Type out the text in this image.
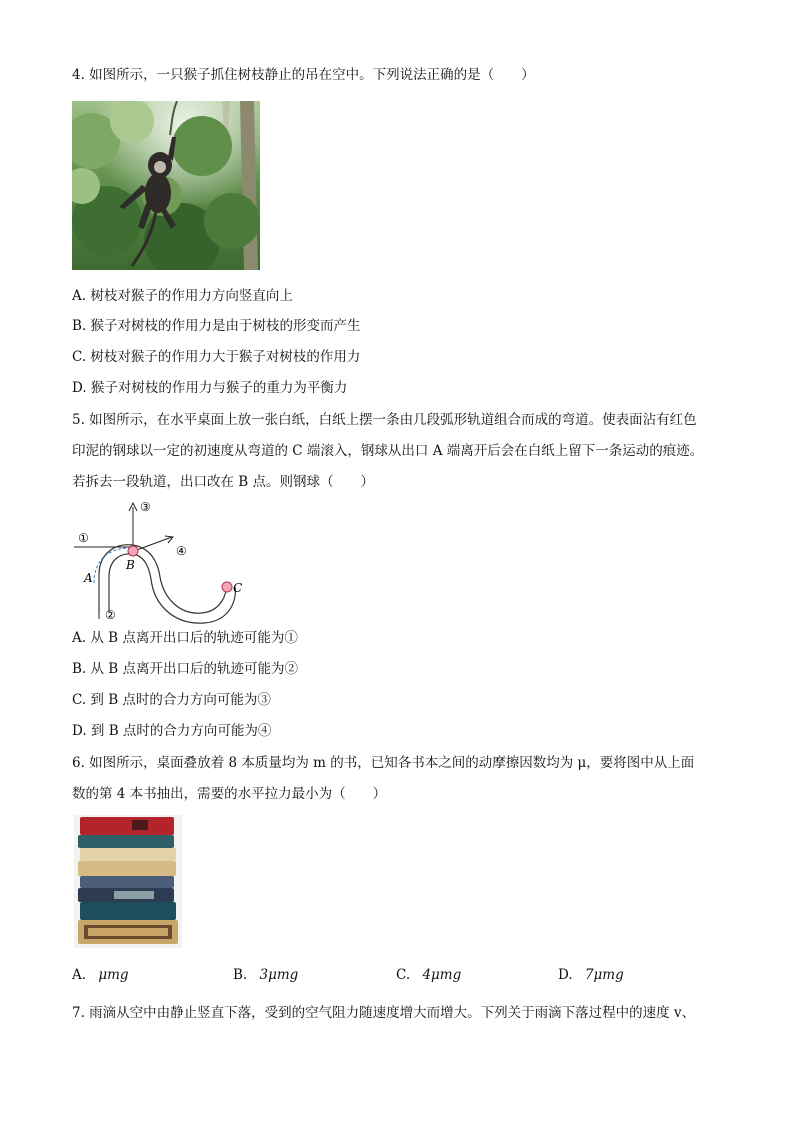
4. 如图所示，一只猴子抓住树枝静止的吊在空中。下列说法正确的是（　　）
A. 树枝对猴子的作用力方向竖直向上
B. 猴子对树枝的作用力是由于树枝的形变而产生
C. 树枝对猴子的作用力大于猴子对树枝的作用力
D. 猴子对树枝的作用力与猴子的重力为平衡力
5. 如图所示，在水平桌面上放一张白纸，白纸上摆一条由几段弧形轨道组合而成的弯道。使表面沾有红色
印泥的钢球以一定的初速度从弯道的 C 端滚入，钢球从出口 A 端离开后会在白纸上留下一条运动的痕迹。
若拆去一段轨道，出口改在 B 点。则钢球（　　）
①
③
④
A
②
B
C
A. 从 B 点离开出口后的轨迹可能为①
B. 从 B 点离开出口后的轨迹可能为②
C. 到 B 点时的合力方向可能为③
D. 到 B 点时的合力方向可能为④
6. 如图所示，桌面叠放着 8 本质量均为 m 的书，已知各书本之间的动摩擦因数均为 μ，要将图中从上面
数的第 4 本书抽出，需要的水平拉力最小为（　　）
A. μmg	B. 3μmg	C. 4μmg	D. 7μmg
7. 雨滴从空中由静止竖直下落，受到的空气阻力随速度增大而增大。下列关于雨滴下落过程中的速度 v、
